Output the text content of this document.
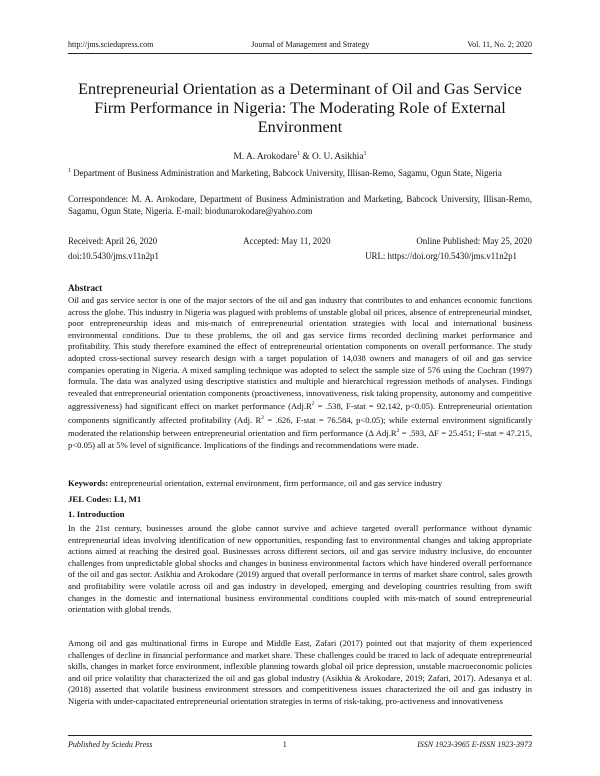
http://jms.sciedupress.com	Journal of Management and Strategy	Vol. 11, No. 2; 2020
Entrepreneurial Orientation as a Determinant of Oil and Gas Service Firm Performance in Nigeria: The Moderating Role of External Environment
M. A. Arokodare$^1$ & O. U. Asikhia$^1$
$^1$ Department of Business Administration and Marketing, Babcock University, Illisan-Remo, Sagamu, Ogun State, Nigeria
Correspondence: M. A. Arokodare, Department of Business Administration and Marketing, Babcock University, Illisan-Remo, Sagamu, Ogun State, Nigeria. E-mail: biodunarokodare@yahoo.com
Received: April 26, 2020	Accepted: May 11, 2020	Online Published: May 25, 2020
doi:10.5430/jms.v11n2p1	URL: https://doi.org/10.5430/jms.v11n2p1
Abstract
Oil and gas service sector is one of the major sectors of the oil and gas industry that contributes to and enhances economic functions across the globe. This industry in Nigeria was plagued with problems of unstable global oil prices, absence of entrepreneurial mindset, poor entrepreneurship ideas and mis-match of entrepreneurial orientation strategies with local and international business environmental conditions. Due to these problems, the oil and gas service firms recorded declining market performance and profitability. This study therefore examined the effect of entrepreneurial orientation components on overall performance. The study adopted cross-sectional survey research design with a target population of 14,038 owners and managers of oil and gas service companies operating in Nigeria. A mixed sampling technique was adopted to select the sample size of 576 using the Cochran (1997) formula. The data was analyzed using descriptive statistics and multiple and hierarchical regression methods of analyses. Findings revealed that entrepreneurial orientation components (proactiveness, innovativeness, risk taking propensity, autonomy and competitive aggressiveness) had significant effect on market performance ($Adj.R^2 = .538$, F-stat = 92.142, p<0.05). Entrepreneurial orientation components significantly affected profitability (Adj. $R^2 = .626$, F-stat = 76.584, p<0.05); while external environment significantly moderated the relationship between entrepreneurial orientation and firm performance (Δ $Adj.R^2 = .593$, ΔF = 25.451; F-stat = 47.215, p<0.05) all at 5% level of significance. Implications of the findings and recommendations were made.
Keywords: entrepreneurial orientation, external environment, firm performance, oil and gas service industry
JEL Codes: L1, M1
1. Introduction
In the 21st century, businesses around the globe cannot survive and achieve targeted overall performance without dynamic entrepreneurial ideas involving identification of new opportunities, responding fast to environmental changes and taking appropriate actions aimed at reaching the desired goal. Businesses across different sectors, oil and gas service industry inclusive, do encounter challenges from unpredictable global shocks and changes in business environmental factors which have hindered overall performance of the oil and gas sector. Asikhia and Arokodare (2019) argued that overall performance in terms of market share control, sales growth and profitability were volatile across oil and gas industry in developed, emerging and developing countries resulting from swift changes in the domestic and international business environmental conditions coupled with mis-match of sound entrepreneurial orientation with global trends.
Among oil and gas multinational firms in Europe and Middle East, Zafari (2017) pointed out that majority of them experienced challenges of decline in financial performance and market share. These challenges could be traced to lack of adequate entrepreneurial skills, changes in market force environment, inflexible planning towards global oil price depression, unstable macroeconomic policies and oil price volatility that characterized the oil and gas global industry (Asikhia & Arokodare, 2019; Zafari, 2017). Adesanya et al. (2018) asserted that volatile business environment stressors and competitiveness issues characterized the oil and gas industry in Nigeria with under-capacitated entrepreneurial orientation strategies in terms of risk-taking, pro-activeness and innovativeness
Published by Sciedu Press	1	ISSN 1923-3965 E-ISSN 1923-3973
